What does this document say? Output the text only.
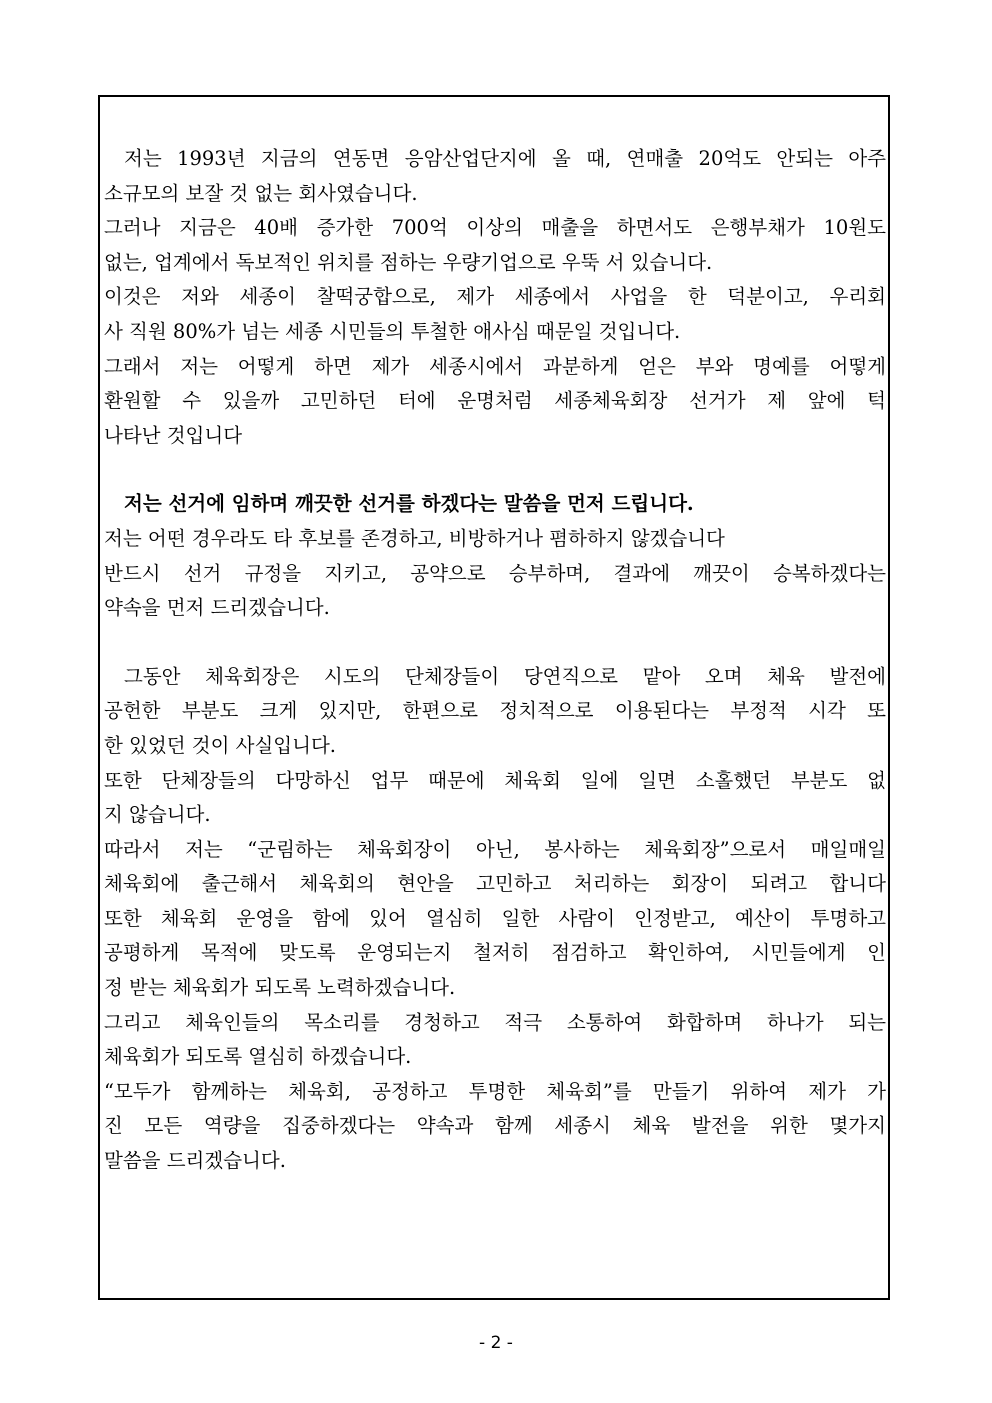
저는 1993년 지금의 연동면 응암산업단지에 올 때, 연매출 20억도 안되는 아주
소규모의 보잘 것 없는 회사였습니다.
그러나 지금은 40배 증가한 700억 이상의 매출을 하면서도 은행부채가 10원도
없는, 업계에서 독보적인 위치를 점하는 우량기업으로 우뚝 서 있습니다.
이것은 저와 세종이 찰떡궁합으로, 제가 세종에서 사업을 한 덕분이고, 우리회
사 직원 80%가 넘는 세종 시민들의 투철한 애사심 때문일 것입니다.
그래서 저는 어떻게 하면 제가 세종시에서 과분하게 얻은 부와 명예를 어떻게
환원할 수 있을까 고민하던 터에 운명처럼 세종체육회장 선거가 제 앞에 턱
나타난 것입니다
저는 선거에 임하며 깨끗한 선거를 하겠다는 말씀을 먼저 드립니다.
저는 어떤 경우라도 타 후보를 존경하고, 비방하거나 폄하하지 않겠습니다
반드시 선거 규정을 지키고, 공약으로 승부하며, 결과에 깨끗이 승복하겠다는
약속을 먼저 드리겠습니다.
그동안 체육회장은 시도의 단체장들이 당연직으로 맡아 오며 체육 발전에
공헌한 부분도 크게 있지만, 한편으로 정치적으로 이용된다는 부정적 시각 또
한 있었던 것이 사실입니다.
또한 단체장들의 다망하신 업무 때문에 체육회 일에 일면 소홀했던 부분도 없
지 않습니다.
따라서 저는 “군림하는 체육회장이 아닌, 봉사하는 체육회장”으로서 매일매일
체육회에 출근해서 체육회의 현안을 고민하고 처리하는 회장이 되려고 합니다
또한 체육회 운영을 함에 있어 열심히 일한 사람이 인정받고, 예산이 투명하고
공평하게 목적에 맞도록 운영되는지 철저히 점검하고 확인하여, 시민들에게 인
정 받는 체육회가 되도록 노력하겠습니다.
그리고 체육인들의 목소리를 경청하고 적극 소통하여 화합하며 하나가 되는
체육회가 되도록 열심히 하겠습니다.
“모두가 함께하는 체육회, 공정하고 투명한 체육회”를 만들기 위하여 제가 가
진 모든 역량을 집중하겠다는 약속과 함께 세종시 체육 발전을 위한 몇가지
말씀을 드리겠습니다.
- 2 -
